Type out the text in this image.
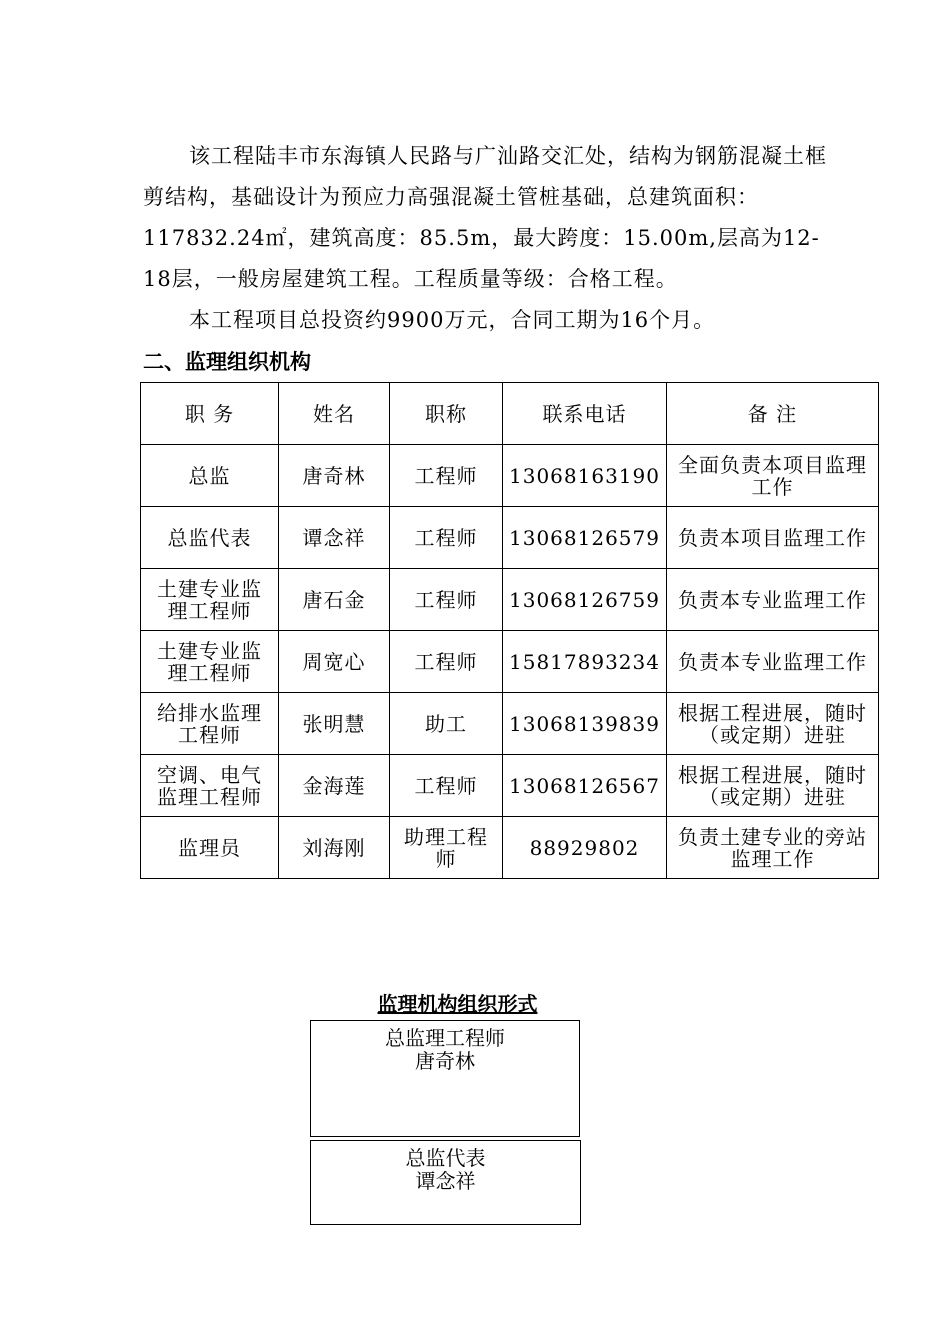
该工程陆丰市东海镇人民路与广汕路交汇处，结构为钢筋混凝土框剪结构，基础设计为预应力高强混凝土管桩基础，总建筑面积：117832.24㎡，建筑高度：85.5m，最大跨度：15.00m,层高为12-18层，一般房屋建筑工程。工程质量等级：合格工程。

本工程项目总投资约9900万元，合同工期为16个月。

二、监理组织机构
职 务	姓名	职称	联系电话	备 注
总监	唐奇林	工程师	13068163190	全面负责本项目监理工作
总监代表	谭念祥	工程师	13068126579	负责本项目监理工作
土建专业监理工程师	唐石金	工程师	13068126759	负责本专业监理工作
土建专业监理工程师	周宽心	工程师	15817893234	负责本专业监理工作
给排水监理工程师	张明慧	助工	13068139839	根据工程进展，随时（或定期）进驻
空调、电气监理工程师	金海莲	工程师	13068126567	根据工程进展，随时（或定期）进驻
监理员	刘海刚	助理工程师	88929802	负责土建专业的旁站监理工作
监理机构组织形式
总监理工程师
唐奇林
总监代表
谭念祥
